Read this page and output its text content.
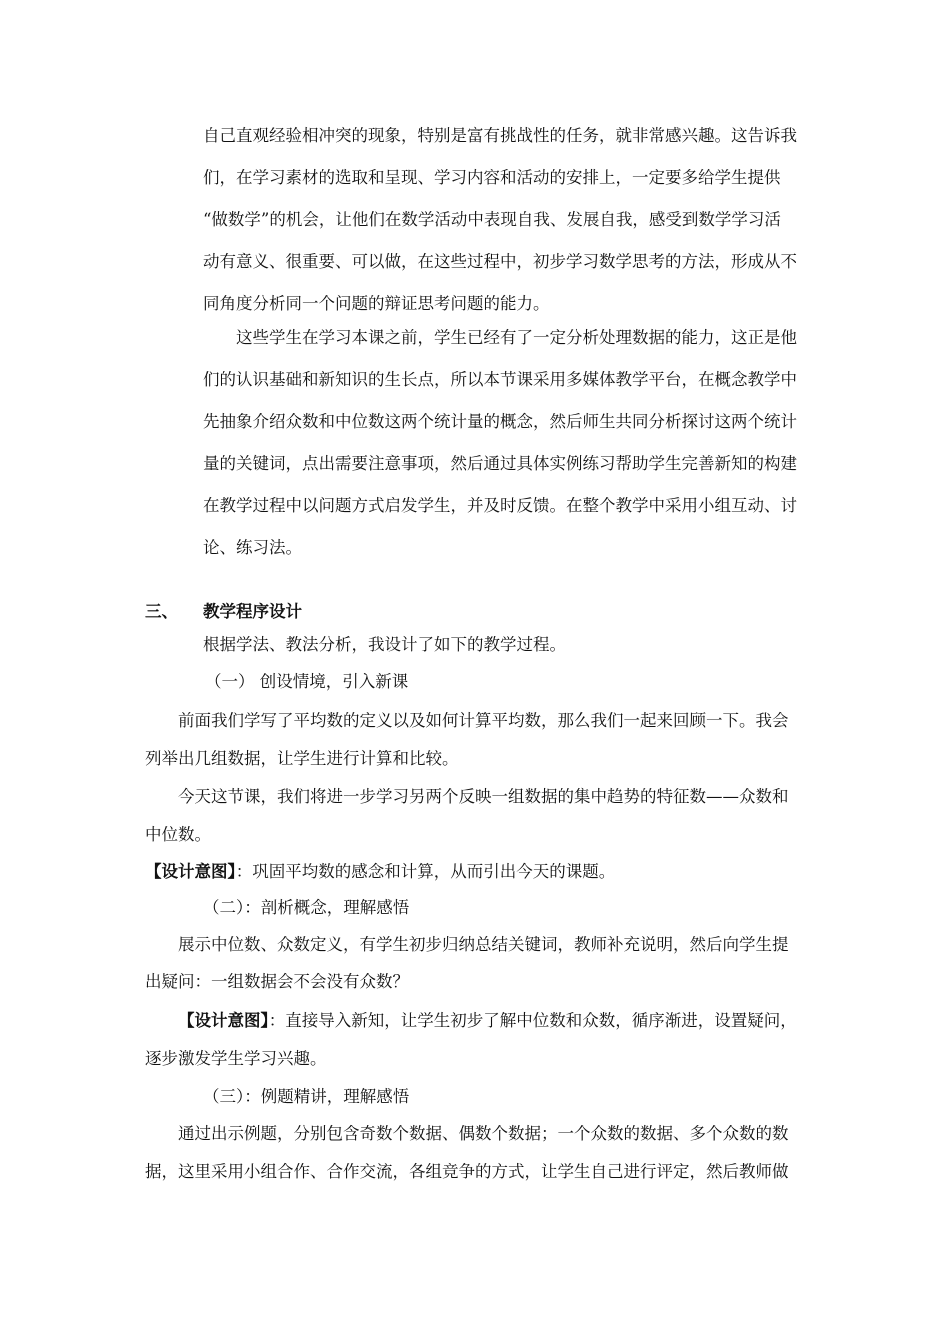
自己直观经验相冲突的现象，特别是富有挑战性的任务，就非常感兴趣。这告诉我
们，在学习素材的选取和呈现、学习内容和活动的安排上，一定要多给学生提供
“做数学”的机会，让他们在数学活动中表现自我、发展自我，感受到数学学习活
动有意义、很重要、可以做，在这些过程中，初步学习数学思考的方法，形成从不
同角度分析同一个问题的辩证思考问题的能力。
这些学生在学习本课之前，学生已经有了一定分析处理数据的能力，这正是他
们的认识基础和新知识的生长点，所以本节课采用多媒体教学平台，在概念教学中
先抽象介绍众数和中位数这两个统计量的概念，然后师生共同分析探讨这两个统计
量的关键词，点出需要注意事项，然后通过具体实例练习帮助学生完善新知的构建
在教学过程中以问题方式启发学生，并及时反馈。在整个教学中采用小组互动、讨
论、练习法。
三、 教学程序设计
根据学法、教法分析，我设计了如下的教学过程。
（一） 创设情境，引入新课
前面我们学写了平均数的定义以及如何计算平均数，那么我们一起来回顾一下。我会
列举出几组数据，让学生进行计算和比较。
今天这节课，我们将进一步学习另两个反映一组数据的集中趋势的特征数——众数和
中位数。
【设计意图】：巩固平均数的感念和计算，从而引出今天的课题。
（二）：剖析概念，理解感悟
展示中位数、众数定义，有学生初步归纳总结关键词，教师补充说明，然后向学生提
出疑问：一组数据会不会没有众数？
【设计意图】：直接导入新知，让学生初步了解中位数和众数，循序渐进，设置疑问，
逐步激发学生学习兴趣。
（三）：例题精讲，理解感悟
通过出示例题，分别包含奇数个数据、偶数个数据；一个众数的数据、多个众数的数
据，这里采用小组合作、合作交流，各组竞争的方式，让学生自己进行评定，然后教师做
